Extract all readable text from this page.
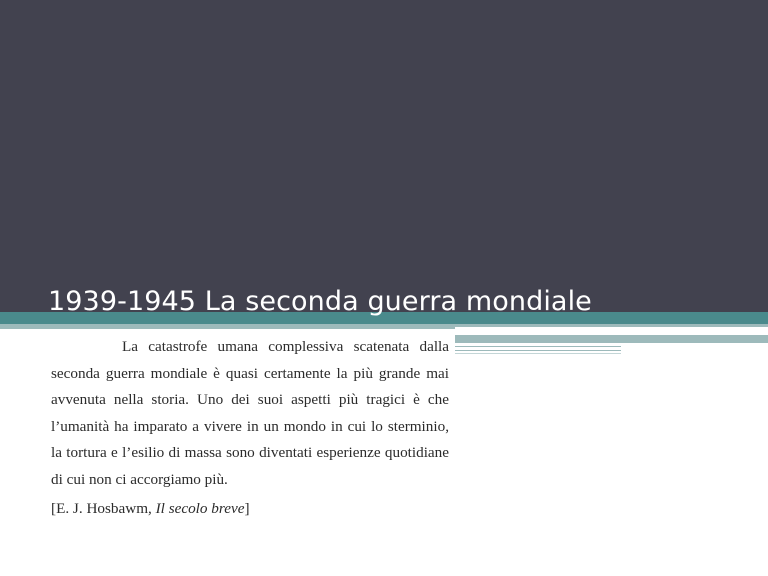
1939-1945 La seconda guerra mondiale

La catastrofe umana complessiva scatenata dalla seconda guerra mondiale è quasi certamente la più grande mai avvenuta nella storia. Uno dei suoi aspetti più tragici è che l’umanità ha imparato a vivere in un mondo in cui lo sterminio, la tortura e l’esilio di massa sono diventati esperienze quotidiane di cui non ci accorgiamo più.

[E. J. Hosbawm, Il secolo breve]
